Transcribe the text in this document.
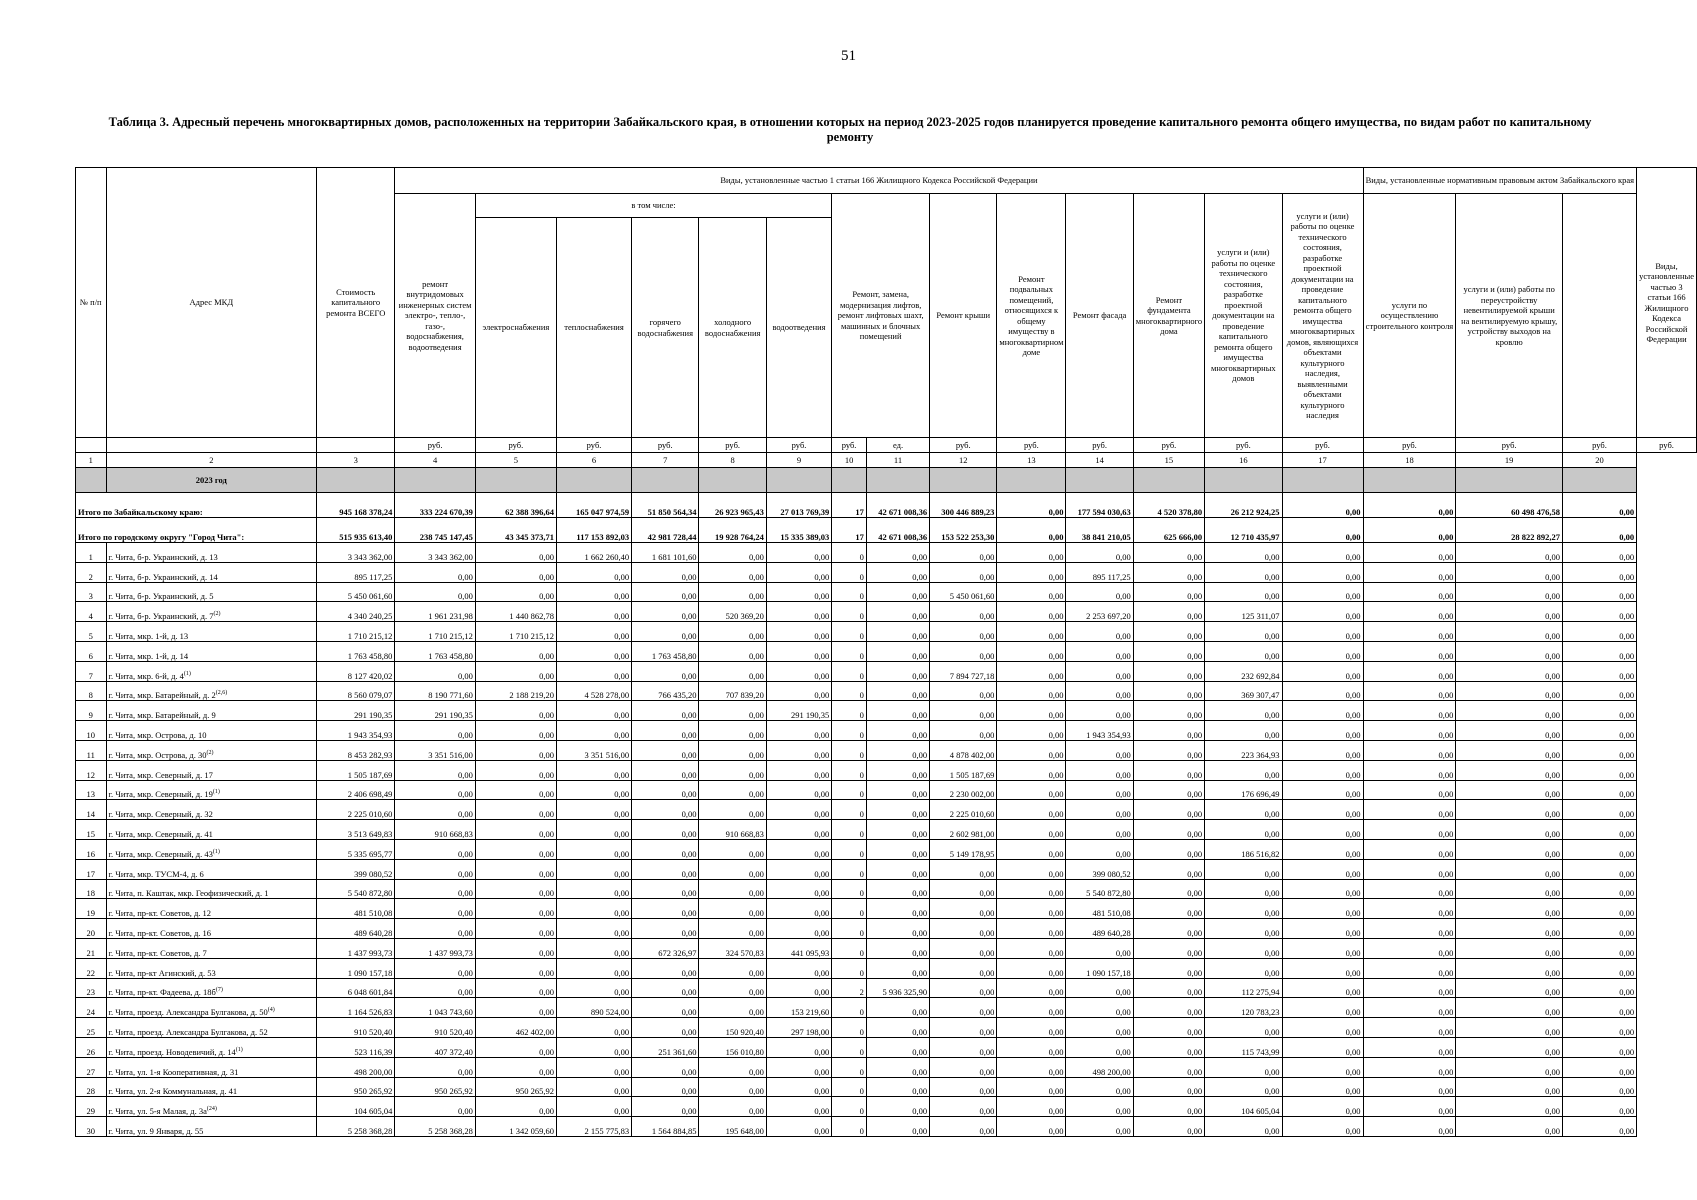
51
Таблица 3. Адресный перечень многоквартирных домов, расположенных на территории Забайкальского края, в отношении которых на период 2023-2025 годов планируется проведение капитального ремонта общего имущества, по видам работ по капитальному ремонту
№ п/п	Адрес МКД	Стоимость капитального ремонта ВСЕГО	Виды, установленные частью 1 статьи 166 Жилищного Кодекса Российской Федерации														Виды, установленные нормативным правовым актом Забайкальского края			Виды, установленные частью 3 статьи 166 Жилищного Кодекса Российской Федерации
			ремонт внутридомовых инженерных систем электро-, тепло-, газо-, водоснабжения, водоотведения	в том числе:					Ремонт, замена, модернизация лифтов, ремонт лифтовых шахт, машинных и блочных помещений		Ремонт крыши	Ремонт подвальных помещений, относящихся к общему имуществу в многоквартирном доме	Ремонт фасада	Ремонт фундамента многоквартирного дома	услуги и (или) работы по оценке технического состояния, разработке проектной документации на проведение капитального ремонта общего имущества многоквартирных домов	услуги и (или) работы по оценке технического состояния, разработке проектной документации на проведение капитального ремонта общего имущества многоквартирных домов, являющихся объектами культурного наследия, выявленными объектами культурного наследия	услуги по осуществлению строительного контроля	услуги и (или) работы по переустройству невентилируемой крыши на вентилируемую крышу, устройству выходов на кровлю		
				электроснабжения	теплоснабжения	горячего водоснабжения	холодного водоснабжения	водоотведения												

			руб.	руб.	руб.	руб.	руб.	руб.	руб.	ед.	руб.	руб.	руб.	руб.	руб.	руб.	руб.	руб.	руб.	руб.
1	2	3	4	5	6	7	8	9	10	11	12	13	14	15	16	17	18	19	20	
	2023 год																			
Итого по Забайкальскому краю:		945 168 378,24	333 224 670,39	62 388 396,64	165 047 974,59	51 850 564,34	26 923 965,43	27 013 769,39	17	42 671 008,36	300 446 889,23	0,00	177 594 030,63	4 520 378,80	26 212 924,25	0,00	0,00	60 498 476,58	0,00	
Итого по городскому округу "Город Чита":		515 935 613,40	238 745 147,45	43 345 373,71	117 153 892,03	42 981 728,44	19 928 764,24	15 335 389,03	17	42 671 008,36	153 522 253,30	0,00	38 841 210,05	625 666,00	12 710 435,97	0,00	0,00	28 822 892,27	0,00	
1	г. Чита, б-р. Украинский, д. 13	3 343 362,00	3 343 362,00	0,00	1 662 260,40	1 681 101,60	0,00	0,00	0	0,00	0,00	0,00	0,00	0,00	0,00	0,00	0,00	0,00	0,00	
2	г. Чита, б-р. Украинский, д. 14	895 117,25	0,00	0,00	0,00	0,00	0,00	0,00	0	0,00	0,00	0,00	895 117,25	0,00	0,00	0,00	0,00	0,00	0,00	
3	г. Чита, б-р. Украинский, д. 5	5 450 061,60	0,00	0,00	0,00	0,00	0,00	0,00	0	0,00	5 450 061,60	0,00	0,00	0,00	0,00	0,00	0,00	0,00	0,00	
4	г. Чита, б-р. Украинский, д. 7$^{(2)}$	4 340 240,25	1 961 231,98	1 440 862,78	0,00	0,00	520 369,20	0,00	0	0,00	0,00	0,00	2 253 697,20	0,00	125 311,07	0,00	0,00	0,00	0,00	
5	г. Чита, мкр. 1-й, д. 13	1 710 215,12	1 710 215,12	1 710 215,12	0,00	0,00	0,00	0,00	0	0,00	0,00	0,00	0,00	0,00	0,00	0,00	0,00	0,00	0,00	
6	г. Чита, мкр. 1-й, д. 14	1 763 458,80	1 763 458,80	0,00	0,00	1 763 458,80	0,00	0,00	0	0,00	0,00	0,00	0,00	0,00	0,00	0,00	0,00	0,00	0,00	
7	г. Чита, мкр. 6-й, д. 4$^{(1)}$	8 127 420,02	0,00	0,00	0,00	0,00	0,00	0,00	0	0,00	7 894 727,18	0,00	0,00	0,00	232 692,84	0,00	0,00	0,00	0,00	
8	г. Чита, мкр. Батарейный, д. 2$^{(2,6)}$	8 560 079,07	8 190 771,60	2 188 219,20	4 528 278,00	766 435,20	707 839,20	0,00	0	0,00	0,00	0,00	0,00	0,00	369 307,47	0,00	0,00	0,00	0,00	
9	г. Чита, мкр. Батарейный, д. 9	291 190,35	291 190,35	0,00	0,00	0,00	0,00	291 190,35	0	0,00	0,00	0,00	0,00	0,00	0,00	0,00	0,00	0,00	0,00	
10	г. Чита, мкр. Острова, д. 10	1 943 354,93	0,00	0,00	0,00	0,00	0,00	0,00	0	0,00	0,00	0,00	1 943 354,93	0,00	0,00	0,00	0,00	0,00	0,00	
11	г. Чита, мкр. Острова, д. 30$^{(2)}$	8 453 282,93	3 351 516,00	0,00	3 351 516,00	0,00	0,00	0,00	0	0,00	4 878 402,00	0,00	0,00	0,00	223 364,93	0,00	0,00	0,00	0,00	
12	г. Чита, мкр. Северный, д. 17	1 505 187,69	0,00	0,00	0,00	0,00	0,00	0,00	0	0,00	1 505 187,69	0,00	0,00	0,00	0,00	0,00	0,00	0,00	0,00	
13	г. Чита, мкр. Северный, д. 19$^{(1)}$	2 406 698,49	0,00	0,00	0,00	0,00	0,00	0,00	0	0,00	2 230 002,00	0,00	0,00	0,00	176 696,49	0,00	0,00	0,00	0,00	
14	г. Чита, мкр. Северный, д. 32	2 225 010,60	0,00	0,00	0,00	0,00	0,00	0,00	0	0,00	2 225 010,60	0,00	0,00	0,00	0,00	0,00	0,00	0,00	0,00	
15	г. Чита, мкр. Северный, д. 41	3 513 649,83	910 668,83	0,00	0,00	0,00	910 668,83	0,00	0	0,00	2 602 981,00	0,00	0,00	0,00	0,00	0,00	0,00	0,00	0,00	
16	г. Чита, мкр. Северный, д. 43$^{(1)}$	5 335 695,77	0,00	0,00	0,00	0,00	0,00	0,00	0	0,00	5 149 178,95	0,00	0,00	0,00	186 516,82	0,00	0,00	0,00	0,00	
17	г. Чита, мкр. ТУСМ-4, д. 6	399 080,52	0,00	0,00	0,00	0,00	0,00	0,00	0	0,00	0,00	0,00	399 080,52	0,00	0,00	0,00	0,00	0,00	0,00	
18	г. Чита, п. Каштак, мкр. Геофизический, д. 1	5 540 872,80	0,00	0,00	0,00	0,00	0,00	0,00	0	0,00	0,00	0,00	5 540 872,80	0,00	0,00	0,00	0,00	0,00	0,00	
19	г. Чита, пр-кт. Советов, д. 12	481 510,08	0,00	0,00	0,00	0,00	0,00	0,00	0	0,00	0,00	0,00	481 510,08	0,00	0,00	0,00	0,00	0,00	0,00	
20	г. Чита, пр-кт. Советов, д. 16	489 640,28	0,00	0,00	0,00	0,00	0,00	0,00	0	0,00	0,00	0,00	489 640,28	0,00	0,00	0,00	0,00	0,00	0,00	
21	г. Чита, пр-кт. Советов, д. 7	1 437 993,73	1 437 993,73	0,00	0,00	672 326,97	324 570,83	441 095,93	0	0,00	0,00	0,00	0,00	0,00	0,00	0,00	0,00	0,00	0,00	
22	г. Чита, пр-кт Агинский, д. 53	1 090 157,18	0,00	0,00	0,00	0,00	0,00	0,00	0	0,00	0,00	0,00	1 090 157,18	0,00	0,00	0,00	0,00	0,00	0,00	
23	г. Чита, пр-кт. Фадеева, д. $18б^{(7)}$	6 048 601,84	0,00	0,00	0,00	0,00	0,00	0,00	2	5 936 325,90	0,00	0,00	0,00	0,00	112 275,94	0,00	0,00	0,00	0,00	
24	г. Чита, проезд. Александра Булгакова, д. 50$^{(4)}$	1 164 526,83	1 043 743,60	0,00	890 524,00	0,00	0,00	153 219,60	0	0,00	0,00	0,00	0,00	0,00	120 783,23	0,00	0,00	0,00	0,00	
25	г. Чита, проезд. Александра Булгакова, д. 52	910 520,40	910 520,40	462 402,00	0,00	0,00	150 920,40	297 198,00	0	0,00	0,00	0,00	0,00	0,00	0,00	0,00	0,00	0,00	0,00	
26	г. Чита, проезд. Новодевичий, д. 14$^{(1)}$	523 116,39	407 372,40	0,00	0,00	251 361,60	156 010,80	0,00	0	0,00	0,00	0,00	0,00	0,00	115 743,99	0,00	0,00	0,00	0,00	
27	г. Чита, ул. 1-я Кооперативная, д. 31	498 200,00	0,00	0,00	0,00	0,00	0,00	0,00	0	0,00	0,00	0,00	498 200,00	0,00	0,00	0,00	0,00	0,00	0,00	
28	г. Чита, ул. 2-я Коммунальная, д. 41	950 265,92	950 265,92	950 265,92	0,00	0,00	0,00	0,00	0	0,00	0,00	0,00	0,00	0,00	0,00	0,00	0,00	0,00	0,00	
29	г. Чита, ул. 5-я Малая, д. $3а^{(24)}$	104 605,04	0,00	0,00	0,00	0,00	0,00	0,00	0	0,00	0,00	0,00	0,00	0,00	104 605,04	0,00	0,00	0,00	0,00	
30	г. Чита, ул. 9 Января, д. 55	5 258 368,28	5 258 368,28	1 342 059,60	2 155 775,83	1 564 884,85	195 648,00	0,00	0	0,00	0,00	0,00	0,00	0,00	0,00	0,00	0,00	0,00	0,00	
